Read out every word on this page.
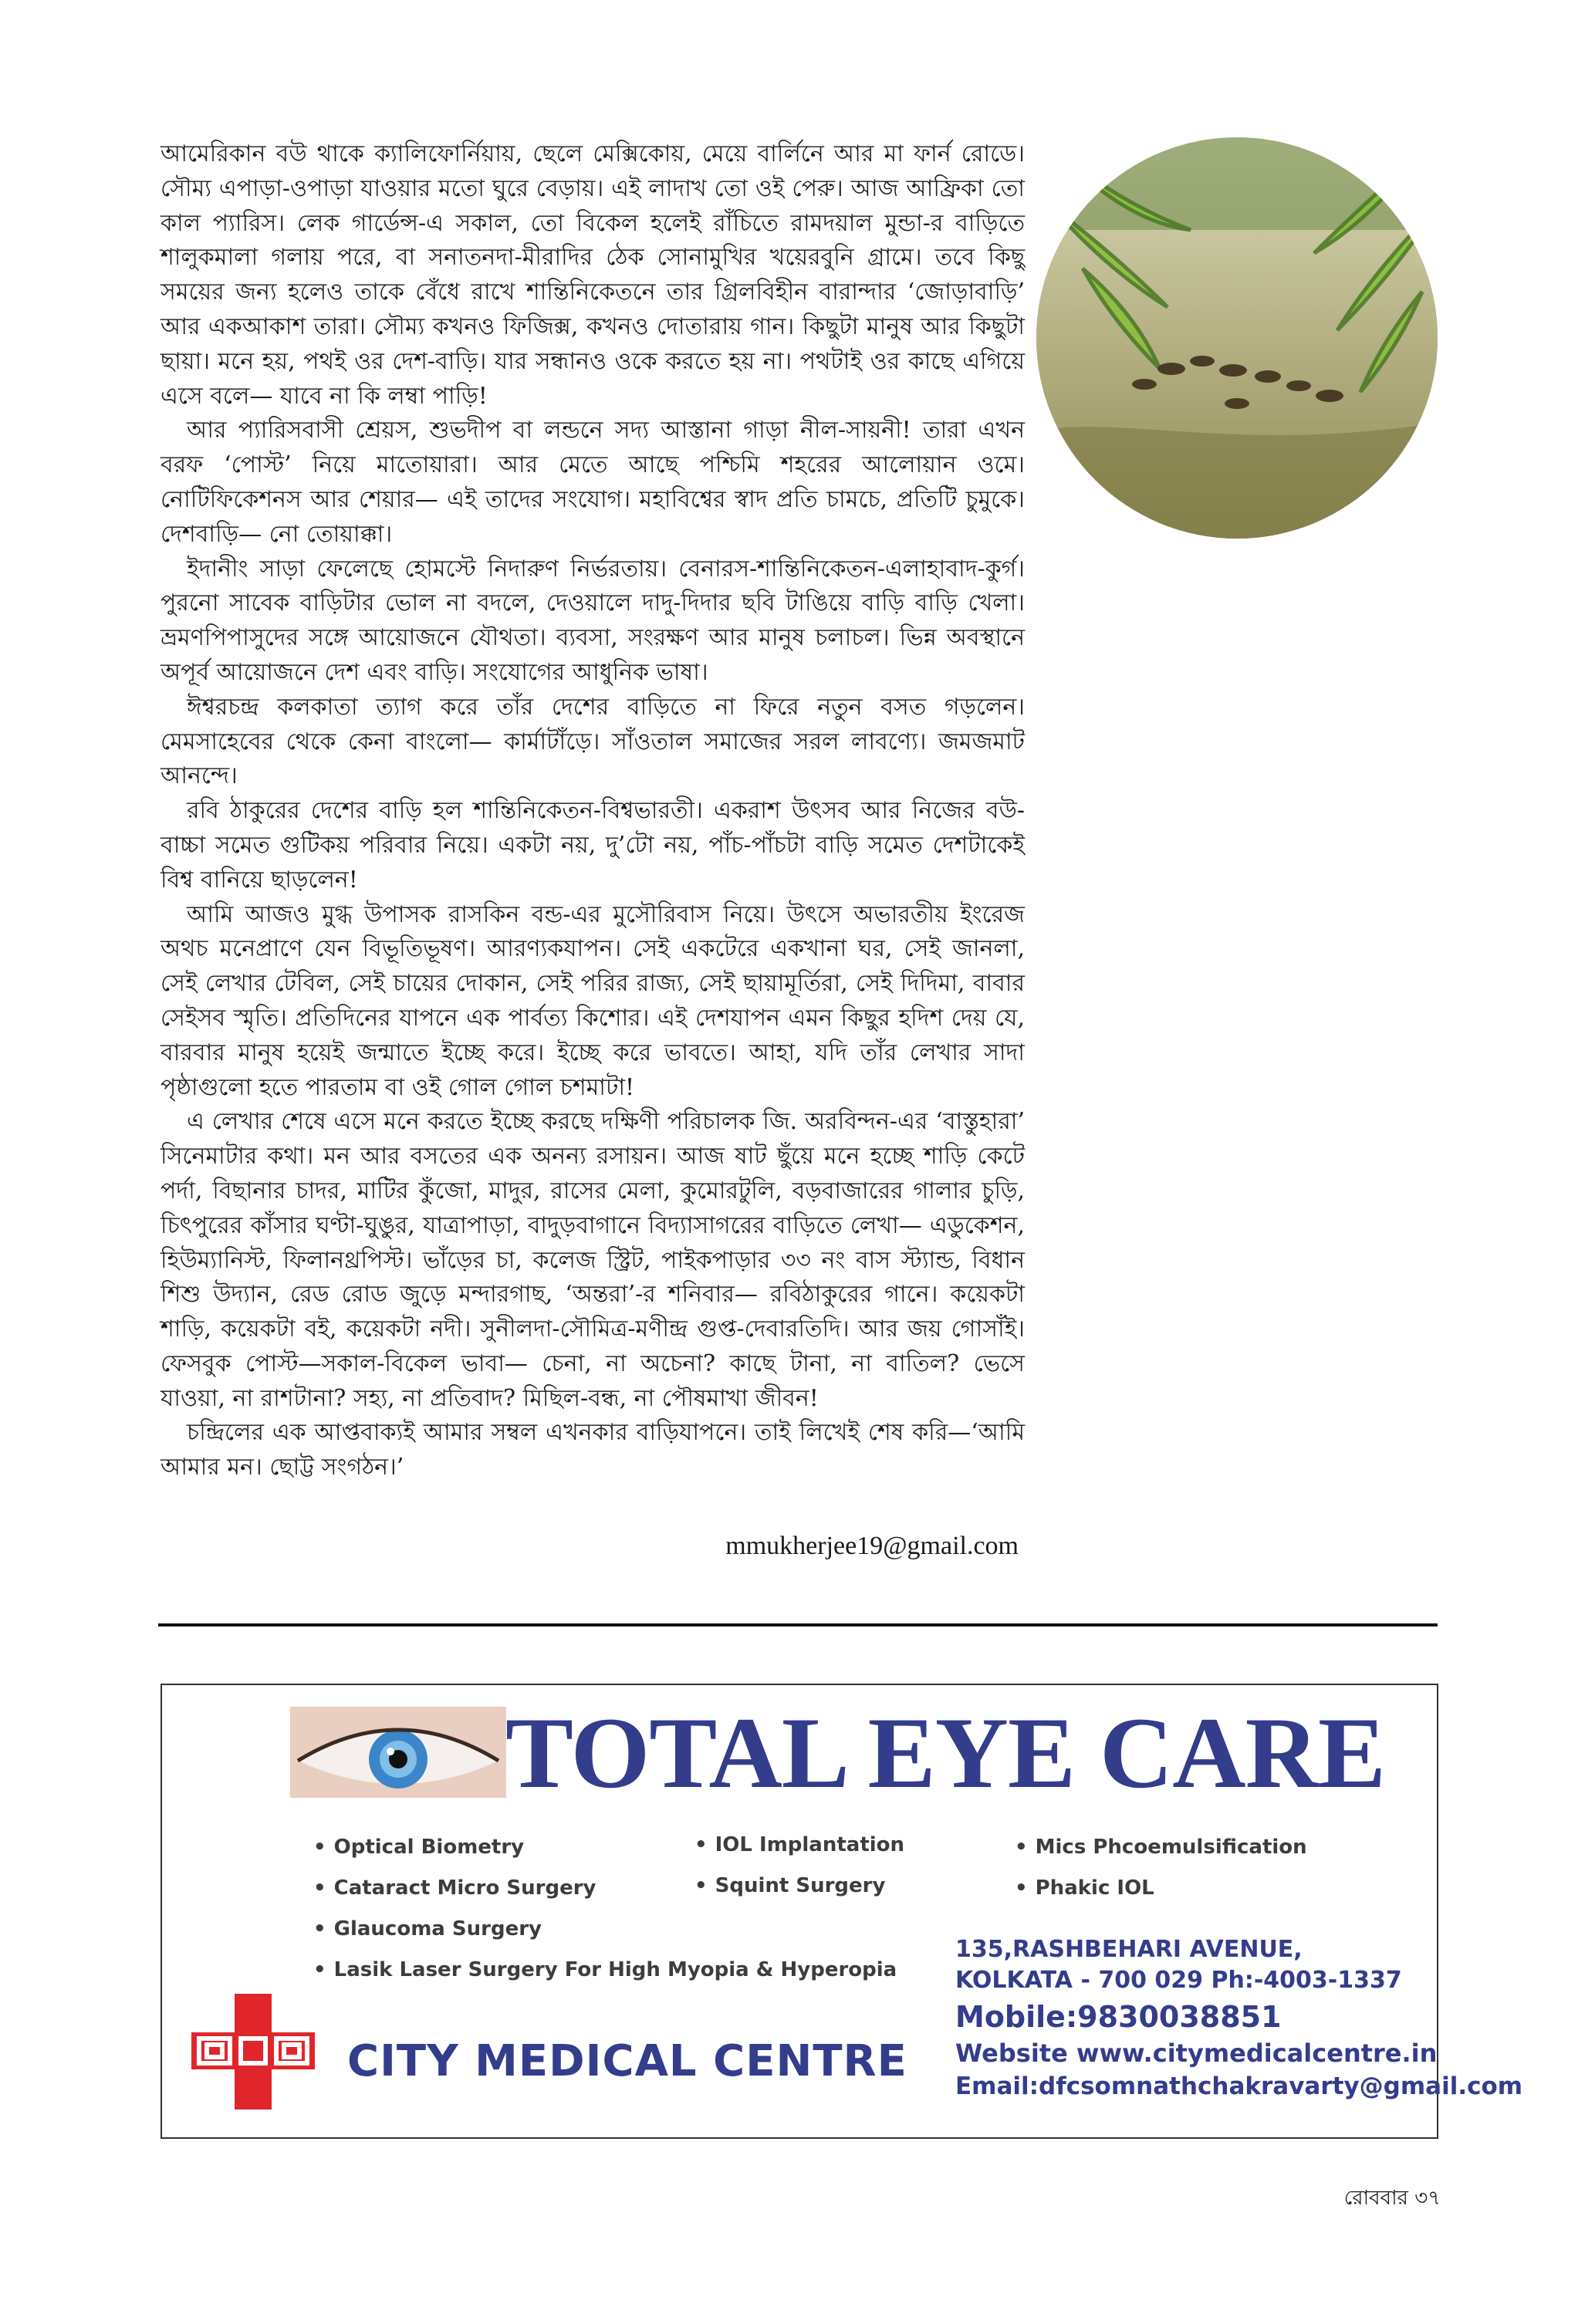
আমেরিকান বউ থাকে ক্যালিফোর্নিয়ায়, ছেলে মেক্সিকোয়, মেয়ে বার্লিনে আর মা ফার্ন রোডে। সৌম্য এপাড়া-ওপাড়া যাওয়ার মতো ঘুরে বেড়ায়। এই লাদাখ তো ওই পেরু। আজ আফ্রিকা তো কাল প্যারিস। লেক গার্ডেন্স-এ সকাল, তো বিকেল হলেই রাঁচিতে রামদয়াল মুন্ডা-র বাড়িতে শালুকমালা গলায় পরে, বা সনাতনদা-মীরাদির ঠেক সোনামুখির খয়েরবুনি গ্রামে। তবে কিছু সময়ের জন্য হলেও তাকে বেঁধে রাখে শান্তিনিকেতনে তার গ্রিলবিহীন বারান্দার ‘জোড়াবাড়ি’ আর একআকাশ তারা। সৌম্য কখনও ফিজিক্স, কখনও দোতারায় গান। কিছুটা মানুষ আর কিছুটা ছায়া। মনে হয়, পথই ওর দেশ-বাড়ি। যার সন্ধানও ওকে করতে হয় না। পথটাই ওর কাছে এগিয়ে এসে বলে— যাবে না কি লম্বা পাড়ি!

আর প্যারিসবাসী শ্রেয়স, শুভদীপ বা লন্ডনে সদ্য আস্তানা গাড়া নীল-সায়নী! তারা এখন বরফ ‘পোস্ট’ নিয়ে মাতোয়ারা। আর মেতে আছে পশ্চিমি শহরের আলোয়ান ওমে। নোটিফিকেশনস আর শেয়ার— এই তাদের সংযোগ। মহাবিশ্বের স্বাদ প্রতি চামচে, প্রতিটি চুমুকে। দেশবাড়ি— নো তোয়াক্কা।

ইদানীং সাড়া ফেলেছে হোমস্টে নিদারুণ নির্ভরতায়। বেনারস-শান্তিনিকেতন-এলাহাবাদ-কুর্গ। পুরনো সাবেক বাড়িটার ভোল না বদলে, দেওয়ালে দাদু-দিদার ছবি টাঙিয়ে বাড়ি বাড়ি খেলা। ভ্রমণপিপাসুদের সঙ্গে আয়োজনে যৌথতা। ব্যবসা, সংরক্ষণ আর মানুষ চলাচল। ভিন্ন অবস্থানে অপূর্ব আয়োজনে দেশ এবং বাড়ি। সংযোগের আধুনিক ভাষা।

ঈশ্বরচন্দ্র কলকাতা ত্যাগ করে তাঁর দেশের বাড়িতে না ফিরে নতুন বসত গড়লেন। মেমসাহেবের থেকে কেনা বাংলো— কার্মাটাঁড়ে। সাঁওতাল সমাজের সরল লাবণ্যে। জমজমাট আনন্দে।

রবি ঠাকুরের দেশের বাড়ি হল শান্তিনিকেতন-বিশ্বভারতী। একরাশ উৎসব আর নিজের বউ-বাচ্চা সমেত গুটিকয় পরিবার নিয়ে। একটা নয়, দু’টো নয়, পাঁচ-পাঁচটা বাড়ি সমেত দেশটাকেই বিশ্ব বানিয়ে ছাড়লেন!

আমি আজও মুগ্ধ উপাসক রাসকিন বন্ড-এর মুসৌরিবাস নিয়ে। উৎসে অভারতীয় ইংরেজ অথচ মনেপ্রাণে যেন বিভূতিভূষণ। আরণ্যকযাপন। সেই একটেরে একখানা ঘর, সেই জানলা, সেই লেখার টেবিল, সেই চায়ের দোকান, সেই পরির রাজ্য, সেই ছায়ামূর্তিরা, সেই দিদিমা, বাবার সেইসব স্মৃতি। প্রতিদিনের যাপনে এক পার্বত্য কিশোর। এই দেশযাপন এমন কিছুর হদিশ দেয় যে, বারবার মানুষ হয়েই জন্মাতে ইচ্ছে করে। ইচ্ছে করে ভাবতে। আহা, যদি তাঁর লেখার সাদা পৃষ্ঠাগুলো হতে পারতাম বা ওই গোল গোল চশমাটা!

এ লেখার শেষে এসে মনে করতে ইচ্ছে করছে দক্ষিণী পরিচালক জি. অরবিন্দন-এর ‘বাস্তুহারা’ সিনেমাটার কথা। মন আর বসতের এক অনন্য রসায়ন। আজ ষাট ছুঁয়ে মনে হচ্ছে শাড়ি কেটে পর্দা, বিছানার চাদর, মাটির কুঁজো, মাদুর, রাসের মেলা, কুমোরটুলি, বড়বাজারের গালার চুড়ি, চিৎপুরের কাঁসার ঘণ্টা-ঘুঙুর, যাত্রাপাড়া, বাদুড়বাগানে বিদ্যাসাগরের বাড়িতে লেখা— এডুকেশন, হিউম্যানিস্ট, ফিলানথ্রপিস্ট। ভাঁড়ের চা, কলেজ স্ট্রিট, পাইকপাড়ার ৩৩ নং বাস স্ট্যান্ড, বিধান শিশু উদ্যান, রেড রোড জুড়ে মন্দারগাছ, ‘অন্তরা’-র শনিবার— রবিঠাকুরের গানে। কয়েকটা শাড়ি, কয়েকটা বই, কয়েকটা নদী। সুনীলদা-সৌমিত্র-মণীন্দ্র গুপ্ত-দেবারতিদি। আর জয় গোসাঁই। ফেসবুক পোস্ট—সকাল-বিকেল ভাবা— চেনা, না অচেনা? কাছে টানা, না বাতিল? ভেসে যাওয়া, না রাশটানা? সহ্য, না প্রতিবাদ? মিছিল-বন্ধ, না পৌষমাখা জীবন!

চন্দ্রিলের এক আপ্তবাক্যই আমার সম্বল এখনকার বাড়িযাপনে। তাই লিখেই শেষ করি—‘আমি আমার মন। ছোট্ট সংগঠন।’

mmukherjee19@gmail.com
TOTAL EYE CARE
• Optical Biometry
• Cataract Micro Surgery
• Glaucoma Surgery
• Lasik Laser Surgery For High Myopia & Hyperopia
• IOL Implantation
• Squint Surgery
• Mics Phcoemulsification
• Phakic IOL
CITY MEDICAL CENTRE
135,RASHBEHARI AVENUE,
KOLKATA - 700 029 Ph:-4003-1337
Mobile:9830038851
Website www.citymedicalcentre.in
Email:dfcsomnathchakravarty@gmail.com
রোববার ৩৭
